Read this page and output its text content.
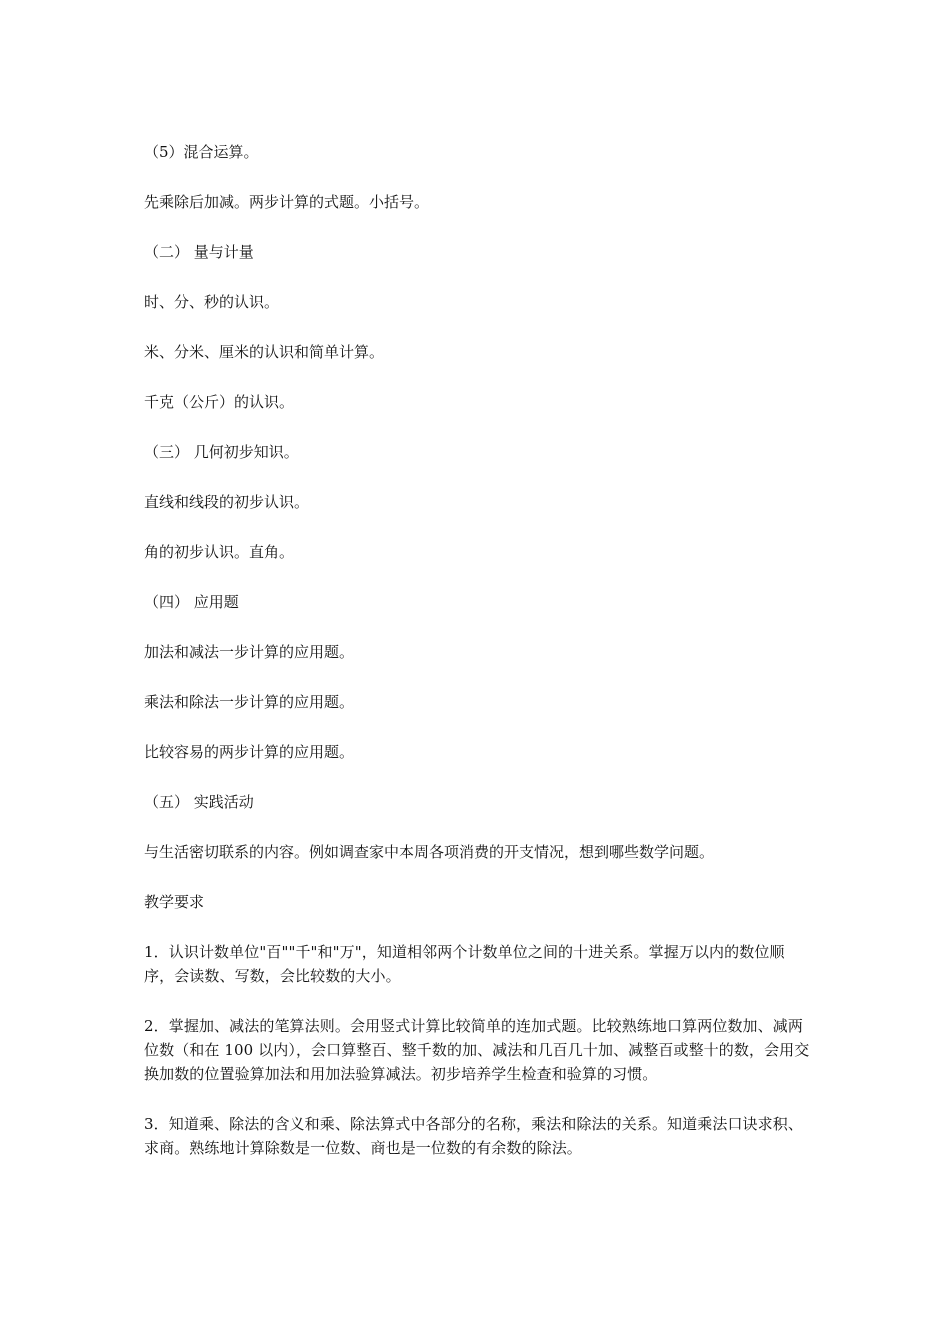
（5）混合运算。

先乘除后加减。两步计算的式题。小括号。

（二） 量与计量

时、分、秒的认识。

米、分米、厘米的认识和简单计算。

千克（公斤）的认识。

（三） 几何初步知识。

直线和线段的初步认识。

角的初步认识。直角。

（四） 应用题

加法和减法一步计算的应用题。

乘法和除法一步计算的应用题。

比较容易的两步计算的应用题。

（五） 实践活动

与生活密切联系的内容。例如调查家中本周各项消费的开支情况，想到哪些数学问题。

教学要求

1．认识计数单位"百""千"和"万"，知道相邻两个计数单位之间的十进关系。掌握万以内的数位顺序，会读数、写数，会比较数的大小。

2．掌握加、减法的笔算法则。会用竖式计算比较简单的连加式题。比较熟练地口算两位数加、减两位数（和在 100 以内），会口算整百、整千数的加、减法和几百几十加、减整百或整十的数，会用交换加数的位置验算加法和用加法验算减法。初步培养学生检查和验算的习惯。

3．知道乘、除法的含义和乘、除法算式中各部分的名称，乘法和除法的关系。知道乘法口诀求积、求商。熟练地计算除数是一位数、商也是一位数的有余数的除法。
